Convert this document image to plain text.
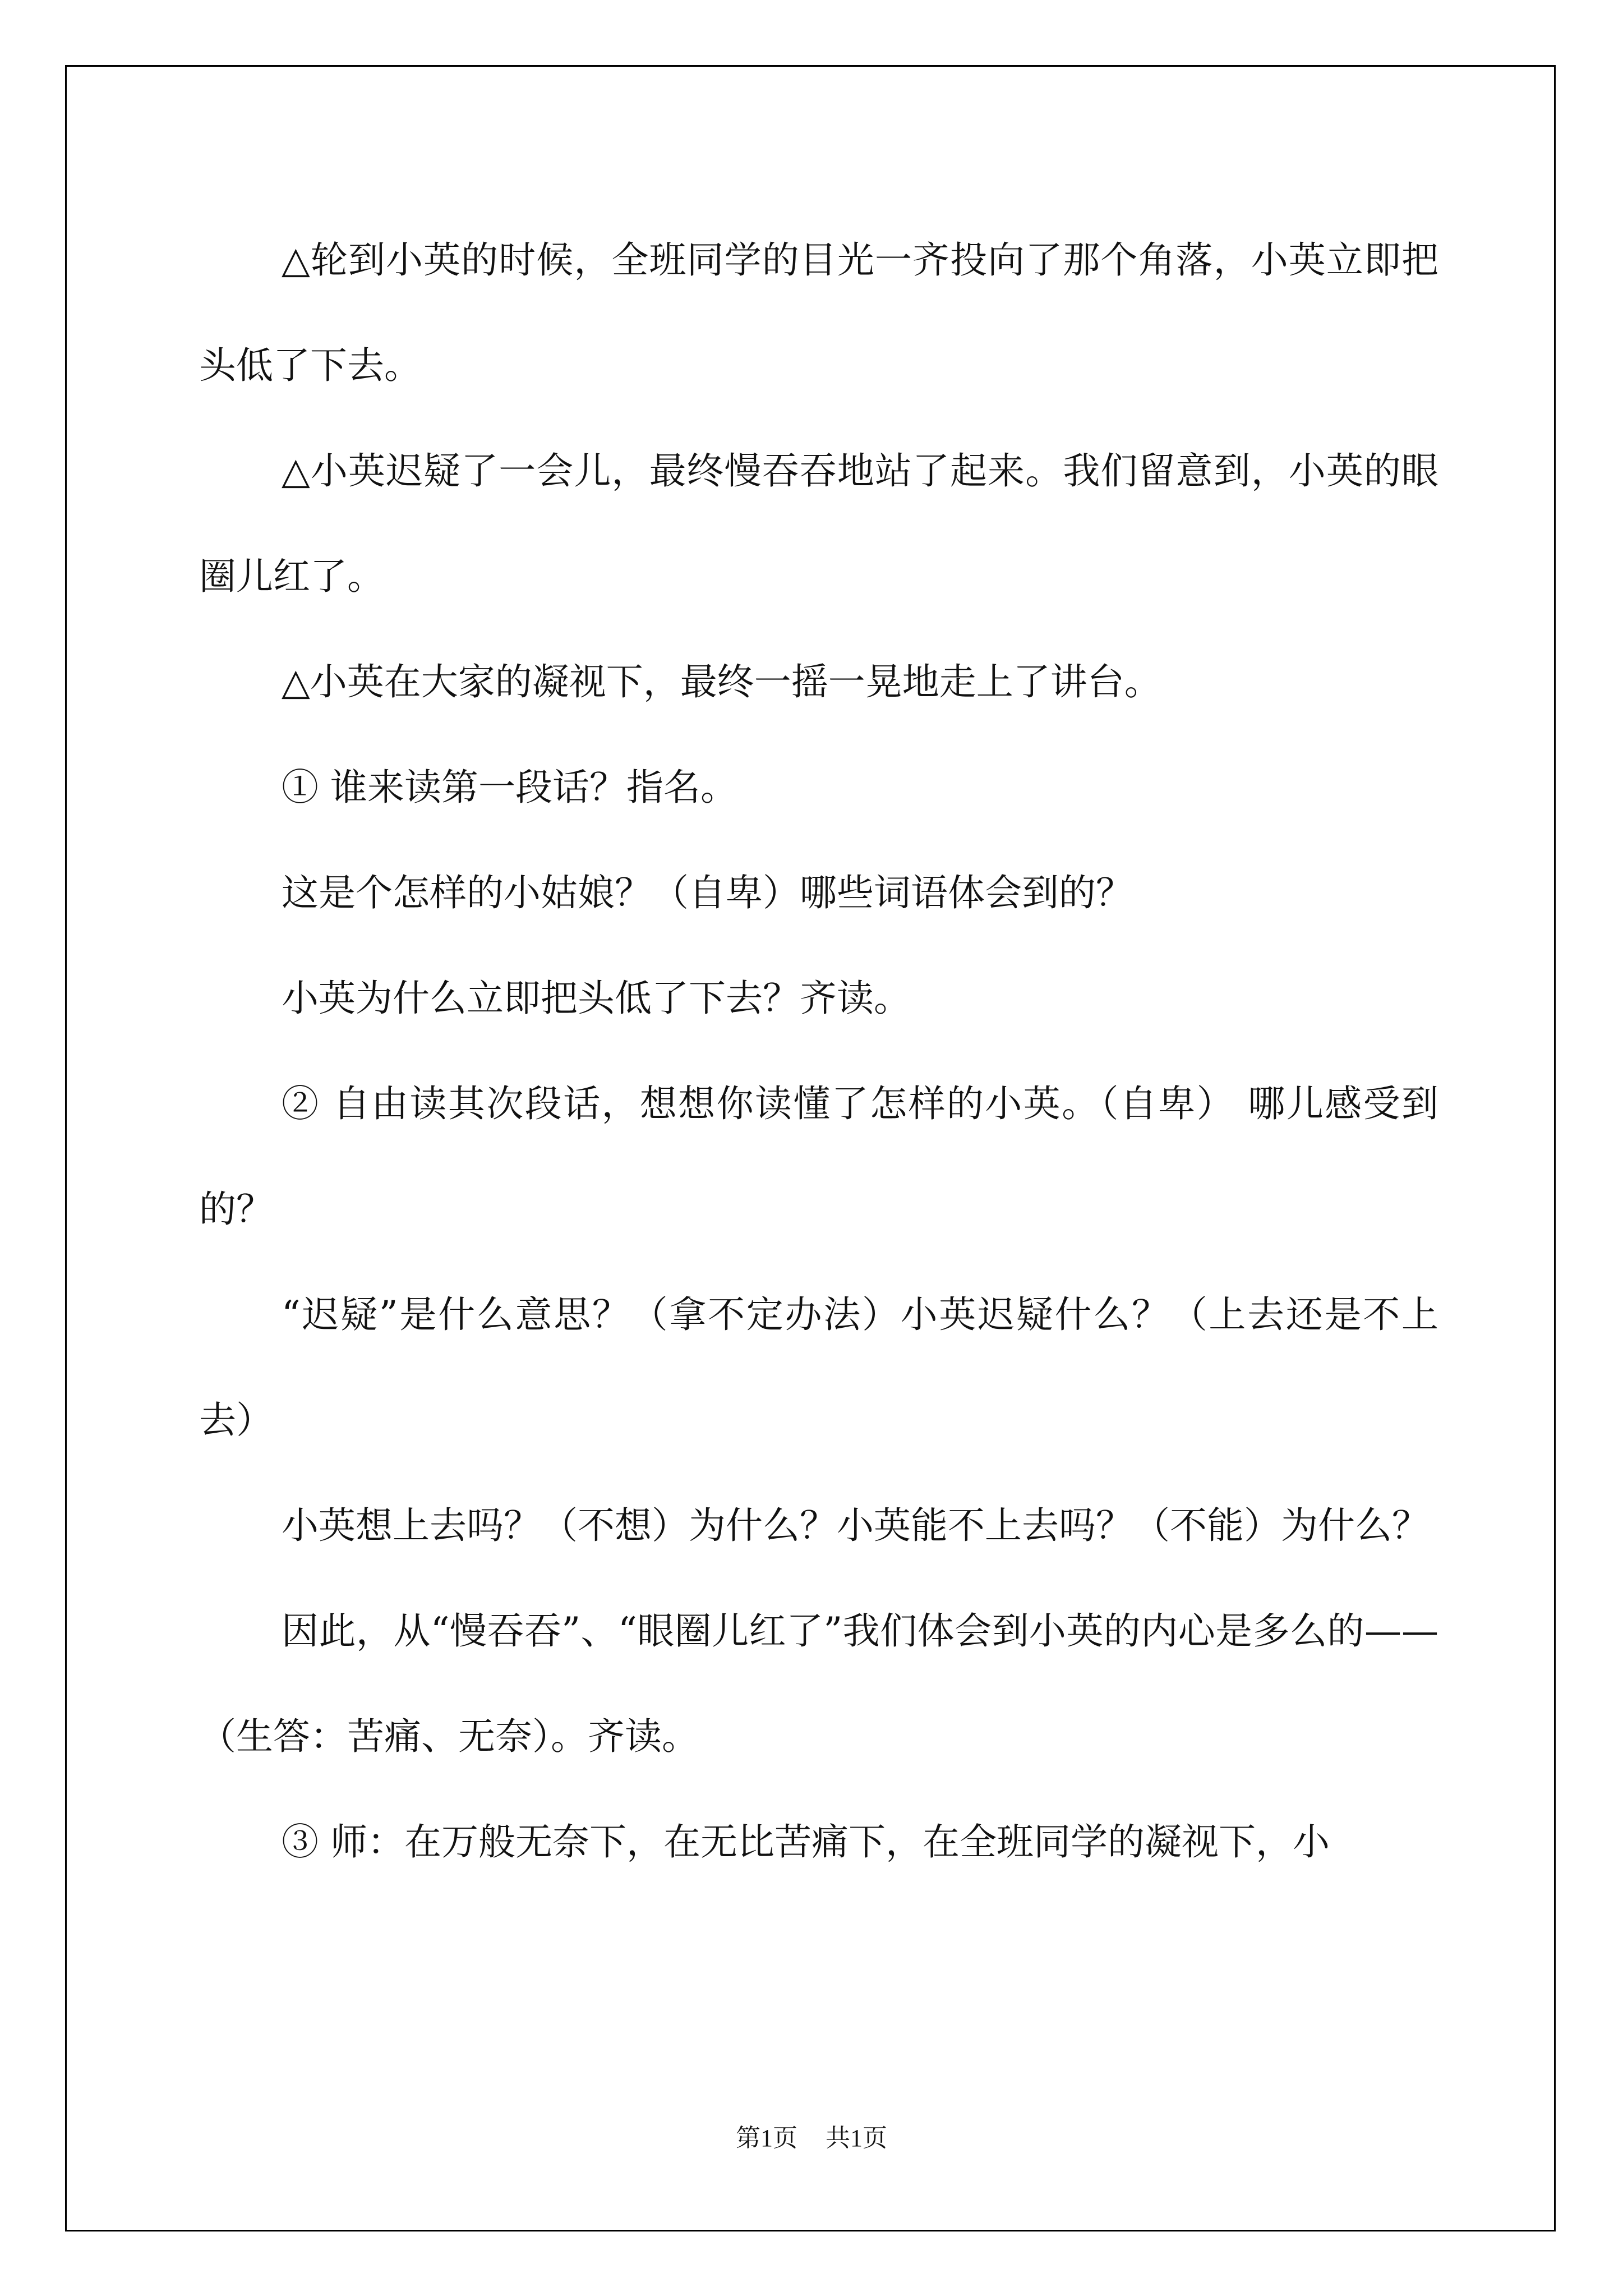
△轮到小英的时候，全班同学的目光一齐投向了那个角落，小英立即把头低了下去。

△小英迟疑了一会儿，最终慢吞吞地站了起来。我们留意到，小英的眼圈儿红了。

△小英在大家的凝视下，最终一摇一晃地走上了讲台。

① 谁来读第一段话？指名。

这是个怎样的小姑娘？（自卑）哪些词语体会到的？

小英为什么立即把头低了下去？齐读。

② 自由读其次段话，想想你读懂了怎样的小英。（自卑） 哪儿感受到的？

“迟疑”是什么意思？（拿不定办法）小英迟疑什么？（上去还是不上去）

小英想上去吗？（不想）为什么？小英能不上去吗？（不能）为什么？

因此，从“慢吞吞”、“眼圈儿红了”我们体会到小英的内心是多么的——（生答：苦痛、无奈）。齐读。

③ 师：在万般无奈下，在无比苦痛下，在全班同学的凝视下，小

第1页 共1页
